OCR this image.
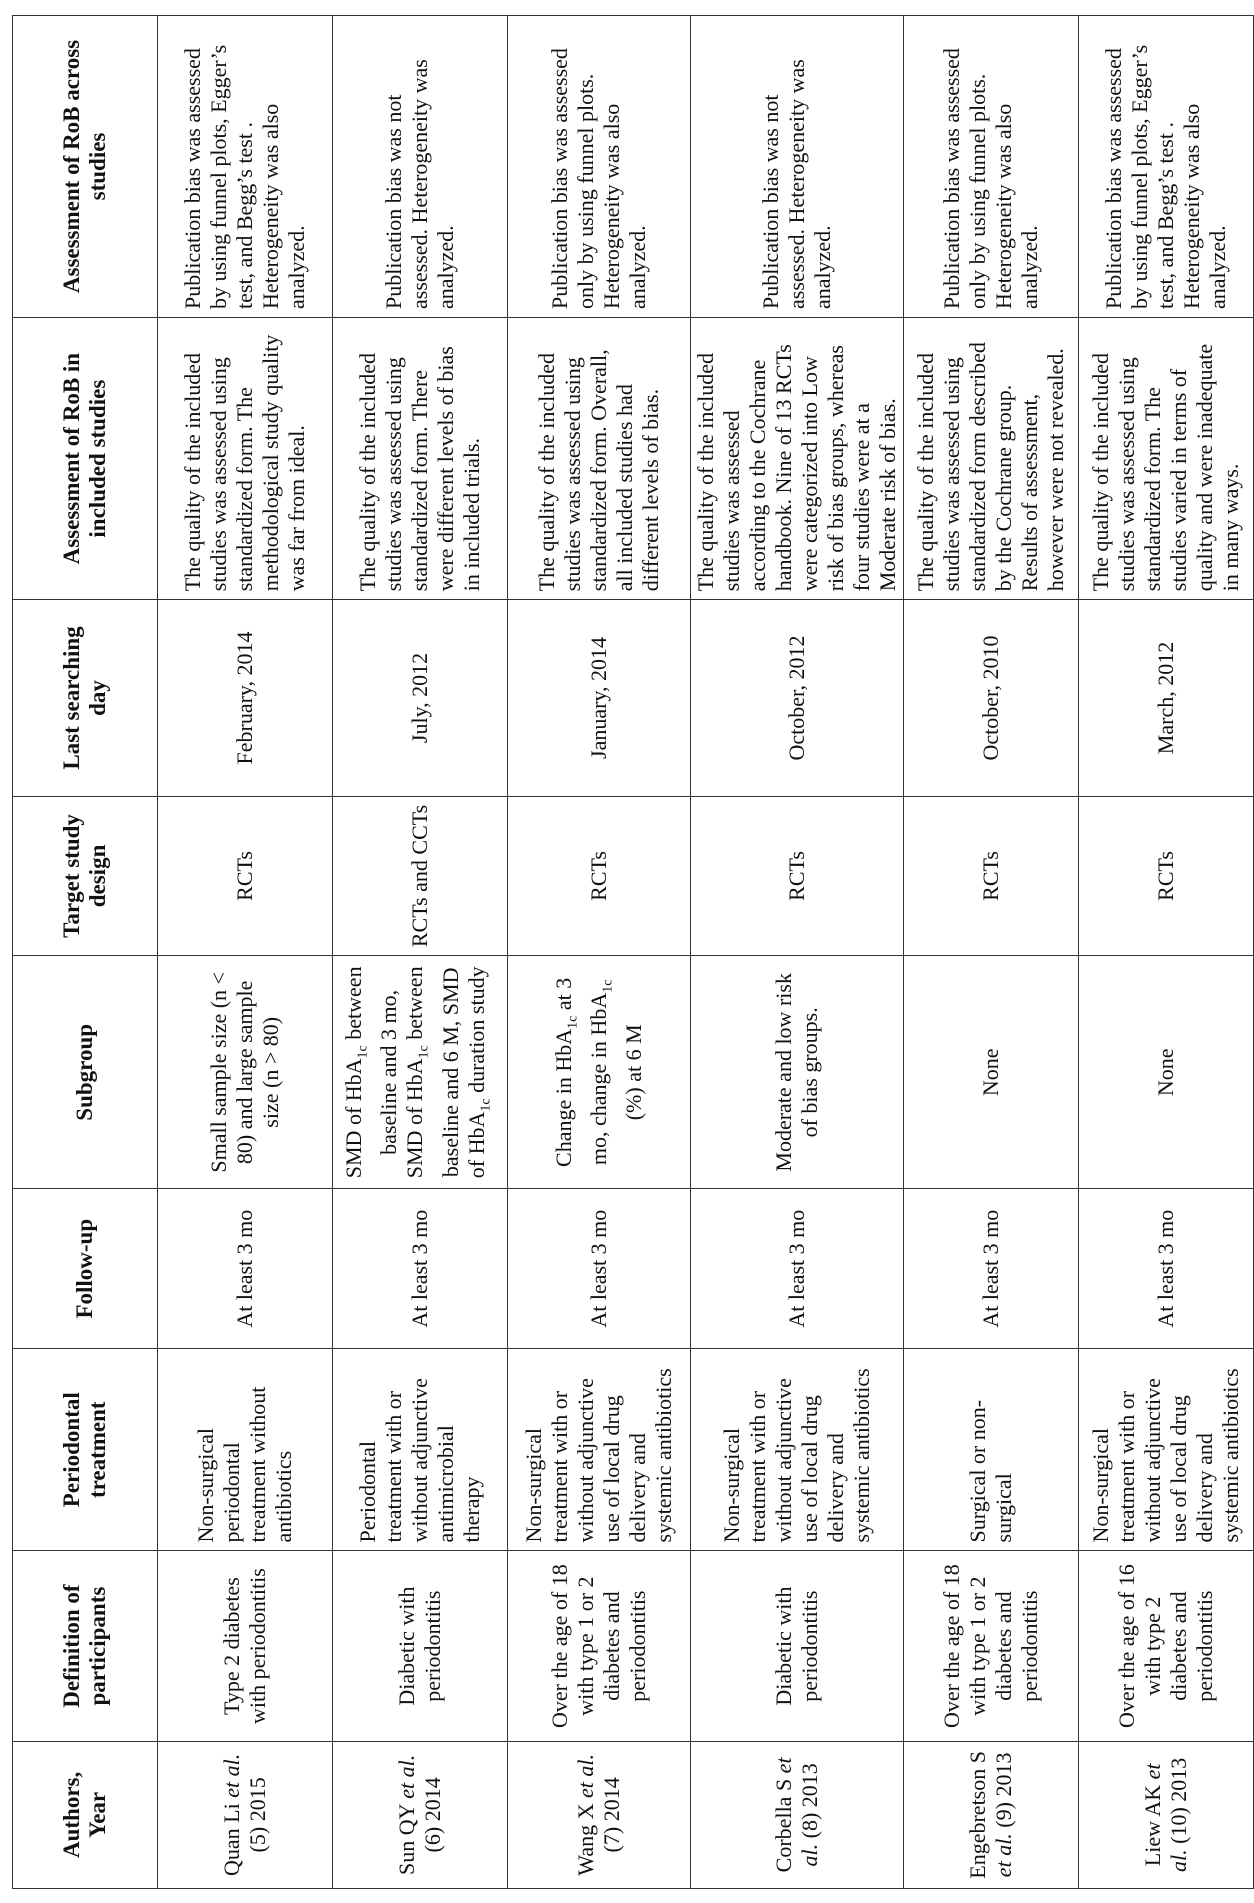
Authors, Year	Definition of participants	Periodontal treatment	Follow-up	Subgroup	Target study design	Last searching day	Assessment of RoB in included studies	Assessment of RoB across studies
Quan Li et al. (5) 2015	Type 2 diabetes with periodontitis	Non-surgical periodontal treatment without antibiotics	At least 3 mo	Small sample size (n < 80) and large sample size (n > 80)	RCTs	February, 2014	The quality of the included studies was assessed using standardized form. The methodological study quality was far from ideal.	Publication bias was assessed by using funnel plots, Egger’s test, and Begg’s test . Heterogeneity was also analyzed.
Sun QY et al. (6) 2014	Diabetic with periodontitis	Periodontal treatment with or without adjunctive antimicrobial therapy	At least 3 mo	SMD of HbA$_{1c}$ between baseline and 3 mo, SMD of HbA$_{1c}$ between baseline and 6 M, SMD of HbA$_{1c}$ duration study	RCTs and CCTs	July, 2012	The quality of the included studies was assessed using standardized form. There were different levels of bias in included trials.	Publication bias was not assessed. Heterogeneity was analyzed.
Wang X et al. (7) 2014	Over the age of 18 with type 1 or 2 diabetes and periodontitis	Non-surgical treatment with or without adjunctive use of local drug delivery and systemic antibiotics	At least 3 mo	Change in HbA$_{1c}$ at 3 mo, change in HbA$_{1c}$ (%) at 6 M	RCTs	January, 2014	The quality of the included studies was assessed using standardized form. Overall, all included studies had different levels of bias.	Publication bias was assessed only by using funnel plots. Heterogeneity was also analyzed.
Corbella S et al. (8) 2013	Diabetic with periodontitis	Non-surgical treatment with or without adjunctive use of local drug delivery and systemic antibiotics	At least 3 mo	Moderate and low risk of bias groups.	RCTs	October, 2012	The quality of the included studies was assessed according to the Cochrane handbook. Nine of 13 RCTs were categorized into Low risk of bias groups, whereas four studies were at a Moderate risk of bias.	Publication bias was not assessed. Heterogeneity was analyzed.
Engebretson S et al. (9) 2013	Over the age of 18 with type 1 or 2 diabetes and periodontitis	Surgical or non-surgical	At least 3 mo	None	RCTs	October, 2010	The quality of the included studies was assessed using standardized form described by the Cochrane group. Results of assessment, however were not revealed.	Publication bias was assessed only by using funnel plots. Heterogeneity was also analyzed.
Liew AK et al. (10) 2013	Over the age of 16 with type 2 diabetes and periodontitis	Non-surgical treatment with or without adjunctive use of local drug delivery and systemic antibiotics	At least 3 mo	None	RCTs	March, 2012	The quality of the included studies was assessed using standardized form. The studies varied in terms of quality and were inadequate in many ways.	Publication bias was assessed by using funnel plots, Egger’s test, and Begg’s test . Heterogeneity was also analyzed.
